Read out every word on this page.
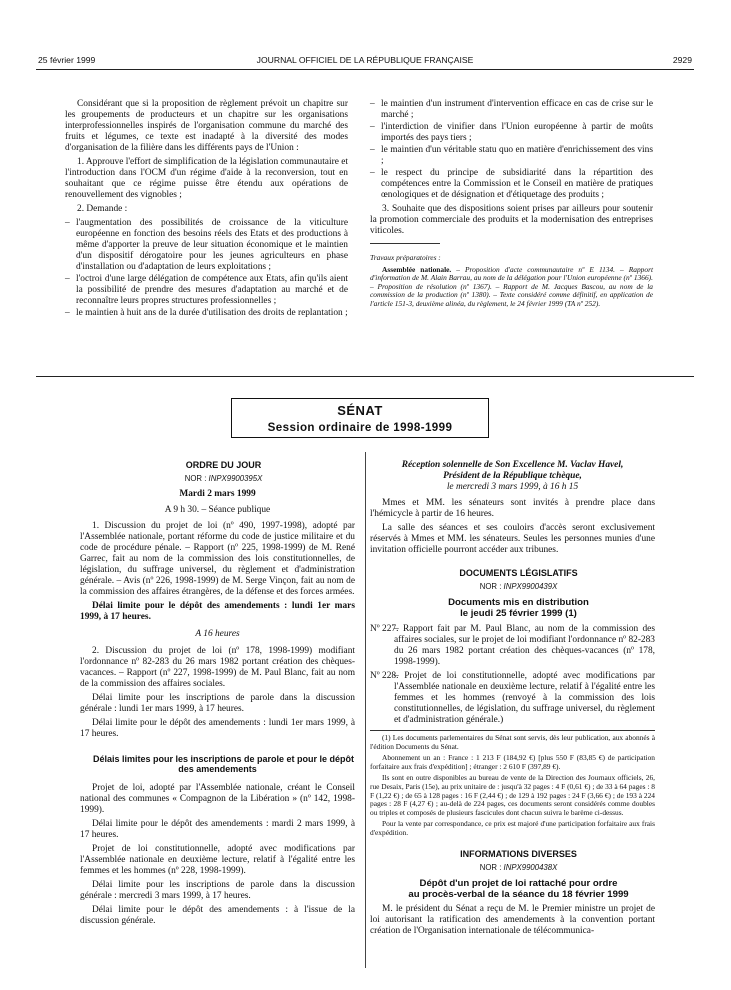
25 février 1999	JOURNAL OFFICIEL DE LA RÉPUBLIQUE FRANÇAISE	2929

Considérant que si la proposition de règlement prévoit un chapitre sur les groupements de producteurs et un chapitre sur les organisations interprofessionnelles inspirés de l'organisation commune du marché des fruits et légumes, ce texte est inadapté à la diversité des modes d'organisation de la filière dans les différents pays de l'Union :

1. Approuve l'effort de simplification de la législation communautaire et l'introduction dans l'OCM d'un régime d'aide à la reconversion, tout en souhaitant que ce régime puisse être étendu aux opérations de renouvellement des vignobles ;

2. Demande :

– l'augmentation des possibilités de croissance de la viticulture européenne en fonction des besoins réels des Etats et des productions à même d'apporter la preuve de leur situation économique et le maintien d'un dispositif dérogatoire pour les jeunes agriculteurs en phase d'installation ou d'adaptation de leurs exploitations ;
– l'octroi d'une large délégation de compétence aux Etats, afin qu'ils aient la possibilité de prendre des mesures d'adaptation au marché et de reconnaître leurs propres structures professionnelles ;
– le maintien à huit ans de la durée d'utilisation des droits de replantation ;
– le maintien d'un instrument d'intervention efficace en cas de crise sur le marché ;
– l'interdiction de vinifier dans l'Union européenne à partir de moûts importés des pays tiers ;
– le maintien d'un véritable statu quo en matière d'enrichissement des vins ;
– le respect du principe de subsidiarité dans la répartition des compétences entre la Commission et le Conseil en matière de pratiques œnologiques et de désignation et d'étiquetage des produits ;

3. Souhaite que des dispositions soient prises par ailleurs pour soutenir la promotion commerciale des produits et la modernisation des entreprises viticoles.

Travaux préparatoires :

Assemblée nationale. – Proposition d'acte communautaire nº E 1134. – Rapport d'information de M. Alain Barrau, au nom de la délégation pour l'Union européenne (nº 1366). – Proposition de résolution (nº 1367). – Rapport de M. Jacques Bascou, au nom de la commission de la production (nº 1380). – Texte considéré comme définitif, en application de l'article 151-3, deuxième alinéa, du règlement, le 24 février 1999 (TA nº 252).

SÉNAT
Session ordinaire de 1998-1999

ORDRE DU JOUR

NOR : INPX9900395X

Mardi 2 mars 1999

A 9 h 30. – Séance publique

1. Discussion du projet de loi (nº 490, 1997-1998), adopté par l'Assemblée nationale, portant réforme du code de justice militaire et du code de procédure pénale. – Rapport (nº 225, 1998-1999) de M. René Garrec, fait au nom de la commission des lois constitutionnelles, de législation, du suffrage universel, du règlement et d'administration générale. – Avis (nº 226, 1998-1999) de M. Serge Vinçon, fait au nom de la commission des affaires étrangères, de la défense et des forces armées.

Délai limite pour le dépôt des amendements : lundi 1er mars 1999, à 17 heures.

A 16 heures

2. Discussion du projet de loi (nº 178, 1998-1999) modifiant l'ordonnance nº 82-283 du 26 mars 1982 portant création des chèques-vacances. – Rapport (nº 227, 1998-1999) de M. Paul Blanc, fait au nom de la commission des affaires sociales.

Délai limite pour les inscriptions de parole dans la discussion générale : lundi 1er mars 1999, à 17 heures.

Délai limite pour le dépôt des amendements : lundi 1er mars 1999, à 17 heures.

Délais limites pour les inscriptions de parole et pour le dépôt des amendements

Projet de loi, adopté par l'Assemblée nationale, créant le Conseil national des communes « Compagnon de la Libération » (nº 142, 1998-1999).

Délai limite pour le dépôt des amendements : mardi 2 mars 1999, à 17 heures.

Projet de loi constitutionnelle, adopté avec modifications par l'Assemblée nationale en deuxième lecture, relatif à l'égalité entre les femmes et les hommes (nº 228, 1998-1999).

Délai limite pour les inscriptions de parole dans la discussion générale : mercredi 3 mars 1999, à 17 heures.

Délai limite pour le dépôt des amendements : à l'issue de la discussion générale.

Réception solennelle de Son Excellence M. Vaclav Havel,

Président de la République tchèque,

le mercredi 3 mars 1999, à 16 h 15

Mmes et MM. les sénateurs sont invités à prendre place dans l'hémicycle à partir de 16 heures.

La salle des séances et ses couloirs d'accès seront exclusivement réservés à Mmes et MM. les sénateurs. Seules les personnes munies d'une invitation officielle pourront accéder aux tribunes.

DOCUMENTS LÉGISLATIFS

NOR : INPX9900439X

Documents mis en distribution

le jeudi 25 février 1999 (1)

Nº 227.
– Rapport fait par M. Paul Blanc, au nom de la commission des affaires sociales, sur le projet de loi modifiant l'ordonnance nº 82-283 du 26 mars 1982 portant création des chèques-vacances (nº 178, 1998-1999).

Nº 228.
– Projet de loi constitutionnelle, adopté avec modifications par l'Assemblée nationale en deuxième lecture, relatif à l'égalité entre les femmes et les hommes (renvoyé à la commission des lois constitutionnelles, de législation, du suffrage universel, du règlement et d'administration générale.)

(1) Les documents parlementaires du Sénat sont servis, dès leur publication, aux abonnés à l'édition Documents du Sénat.

Abonnement un an : France : 1 213 F (184,92 €) [plus 550 F (83,85 €) de participation forfaitaire aux frais d'expédition] ; étranger : 2 610 F (397,89 €).

Ils sont en outre disponibles au bureau de vente de la Direction des Journaux officiels, 26, rue Desaix, Paris (15e), au prix unitaire de : jusqu'à 32 pages : 4 F (0,61 €) ; de 33 à 64 pages : 8 F (1,22 €) ; de 65 à 128 pages : 16 F (2,44 €) ; de 129 à 192 pages : 24 F (3,66 €) ; de 193 à 224 pages : 28 F (4,27 €) ; au-delà de 224 pages, ces documents seront considérés comme doubles ou triples et composés de plusieurs fascicules dont chacun suivra le barème ci-dessus.

Pour la vente par correspondance, ce prix est majoré d'une participation forfaitaire aux frais d'expédition.

INFORMATIONS DIVERSES

NOR : INPX9900438X

Dépôt d'un projet de loi rattaché pour ordre

au procès-verbal de la séance du 18 février 1999

M. le président du Sénat a reçu de M. le Premier ministre un projet de loi autorisant la ratification des amendements à la convention portant création de l'Organisation internationale de télécommunica-
